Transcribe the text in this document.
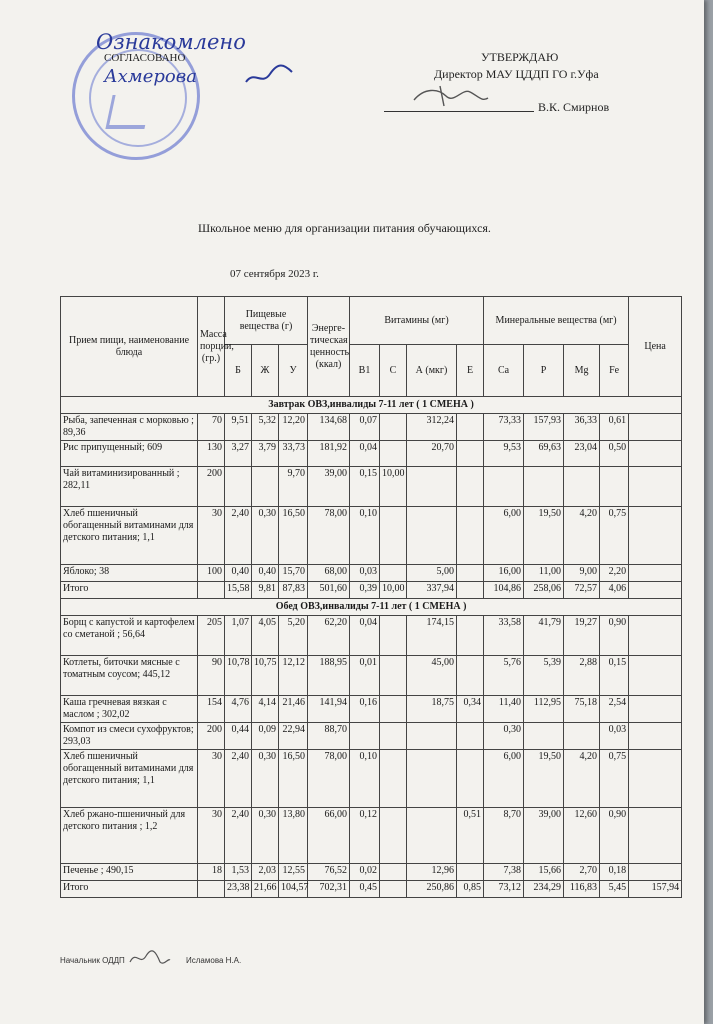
Ознакомлено
СОГЛАСОВАНО
Ахмерова
УТВЕРЖДАЮ
Директор МАУ ЦДДП ГО г.Уфа
В.К. Смирнов
Школьное меню для организации питания обучающихся.
07 сентября 2023 г.
Прием пищи, наименование блюда	Масса порции, (гр.)	Пищевые вещества (г)			Энерге-тическая ценность (ккал)	Витамины (мг)				Минеральные вещества (мг)				Цена
		Б	Ж	У		В1	С	А (мкг)	Е	Са	Р	Mg	Fe	
Завтрак ОВЗ,инвалиды 7-11 лет ( 1 СМЕНА )														
Рыба, запеченная с морковью ; 89,36	70	9,51	5,32	12,20	134,68	0,07		312,24		73,33	157,93	36,33	0,61	
Рис припущенный; 609	130	3,27	3,79	33,73	181,92	0,04		20,70		9,53	69,63	23,04	0,50	
Чай витаминизированный ; 282,11	200			9,70	39,00	0,15	10,00							
Хлеб пшеничный обогащенный витаминами для детского питания; 1,1	30	2,40	0,30	16,50	78,00	0,10				6,00	19,50	4,20	0,75	
Яблоко; 38	100	0,40	0,40	15,70	68,00	0,03		5,00		16,00	11,00	9,00	2,20	
Итого		15,58	9,81	87,83	501,60	0,39	10,00	337,94		104,86	258,06	72,57	4,06	
Обед ОВЗ,инвалиды 7-11 лет ( 1 СМЕНА )														
Борщ с капустой и картофелем со сметаной ; 56,64	205	1,07	4,05	5,20	62,20	0,04		174,15		33,58	41,79	19,27	0,90	
Котлеты, биточки мясные с томатным соусом; 445,12	90	10,78	10,75	12,12	188,95	0,01		45,00		5,76	5,39	2,88	0,15	
Каша гречневая вязкая с маслом ; 302,02	154	4,76	4,14	21,46	141,94	0,16		18,75	0,34	11,40	112,95	75,18	2,54	
Компот из смеси сухофруктов; 293,03	200	0,44	0,09	22,94	88,70					0,30			0,03	
Хлеб пшеничный обогащенный витаминами для детского питания; 1,1	30	2,40	0,30	16,50	78,00	0,10				6,00	19,50	4,20	0,75	
Хлеб ржано-пшеничный для детского питания ; 1,2	30	2,40	0,30	13,80	66,00	0,12			0,51	8,70	39,00	12,60	0,90	
Печенье ; 490,15	18	1,53	2,03	12,55	76,52	0,02		12,96		7,38	15,66	2,70	0,18	
Итого		23,38	21,66	104,57	702,31	0,45		250,86	0,85	73,12	234,29	116,83	5,45	157,94
Начальник ОДДП	Исламова Н.А.
